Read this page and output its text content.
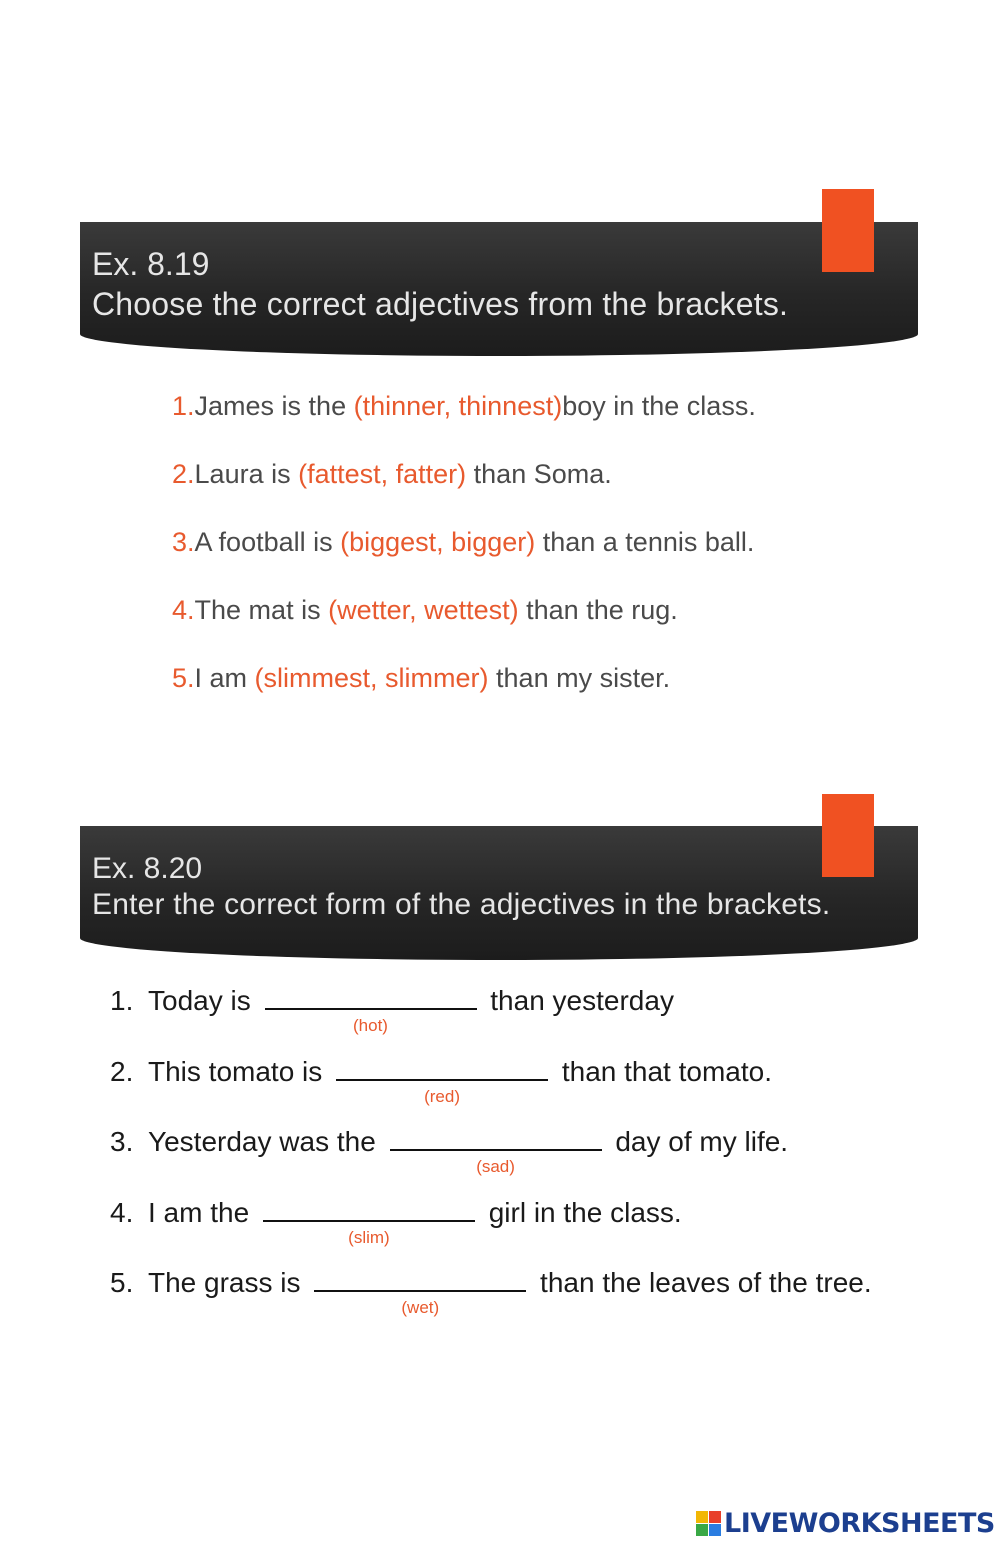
Ex. 8.19
Choose the correct adjectives from the brackets.
1.James is the (thinner, thinnest)boy in the class.
2.Laura is (fattest, fatter) than Soma.
3.A football is (biggest, bigger) than a tennis ball.
4.The mat is (wetter, wettest) than the rug.
5.I am (slimmest, slimmer) than my sister.
Ex. 8.20
Enter the correct form of the adjectives in the brackets.
1. Today is
(hot)
than yesterday
2. This tomato is
(red)
than that tomato.
3. Yesterday was the
(sad)
day of my life.
4. I am the
(slim)
girl in the class.
5. The grass is
(wet)
than the leaves of the tree.
LIVEWORKSHEETS
